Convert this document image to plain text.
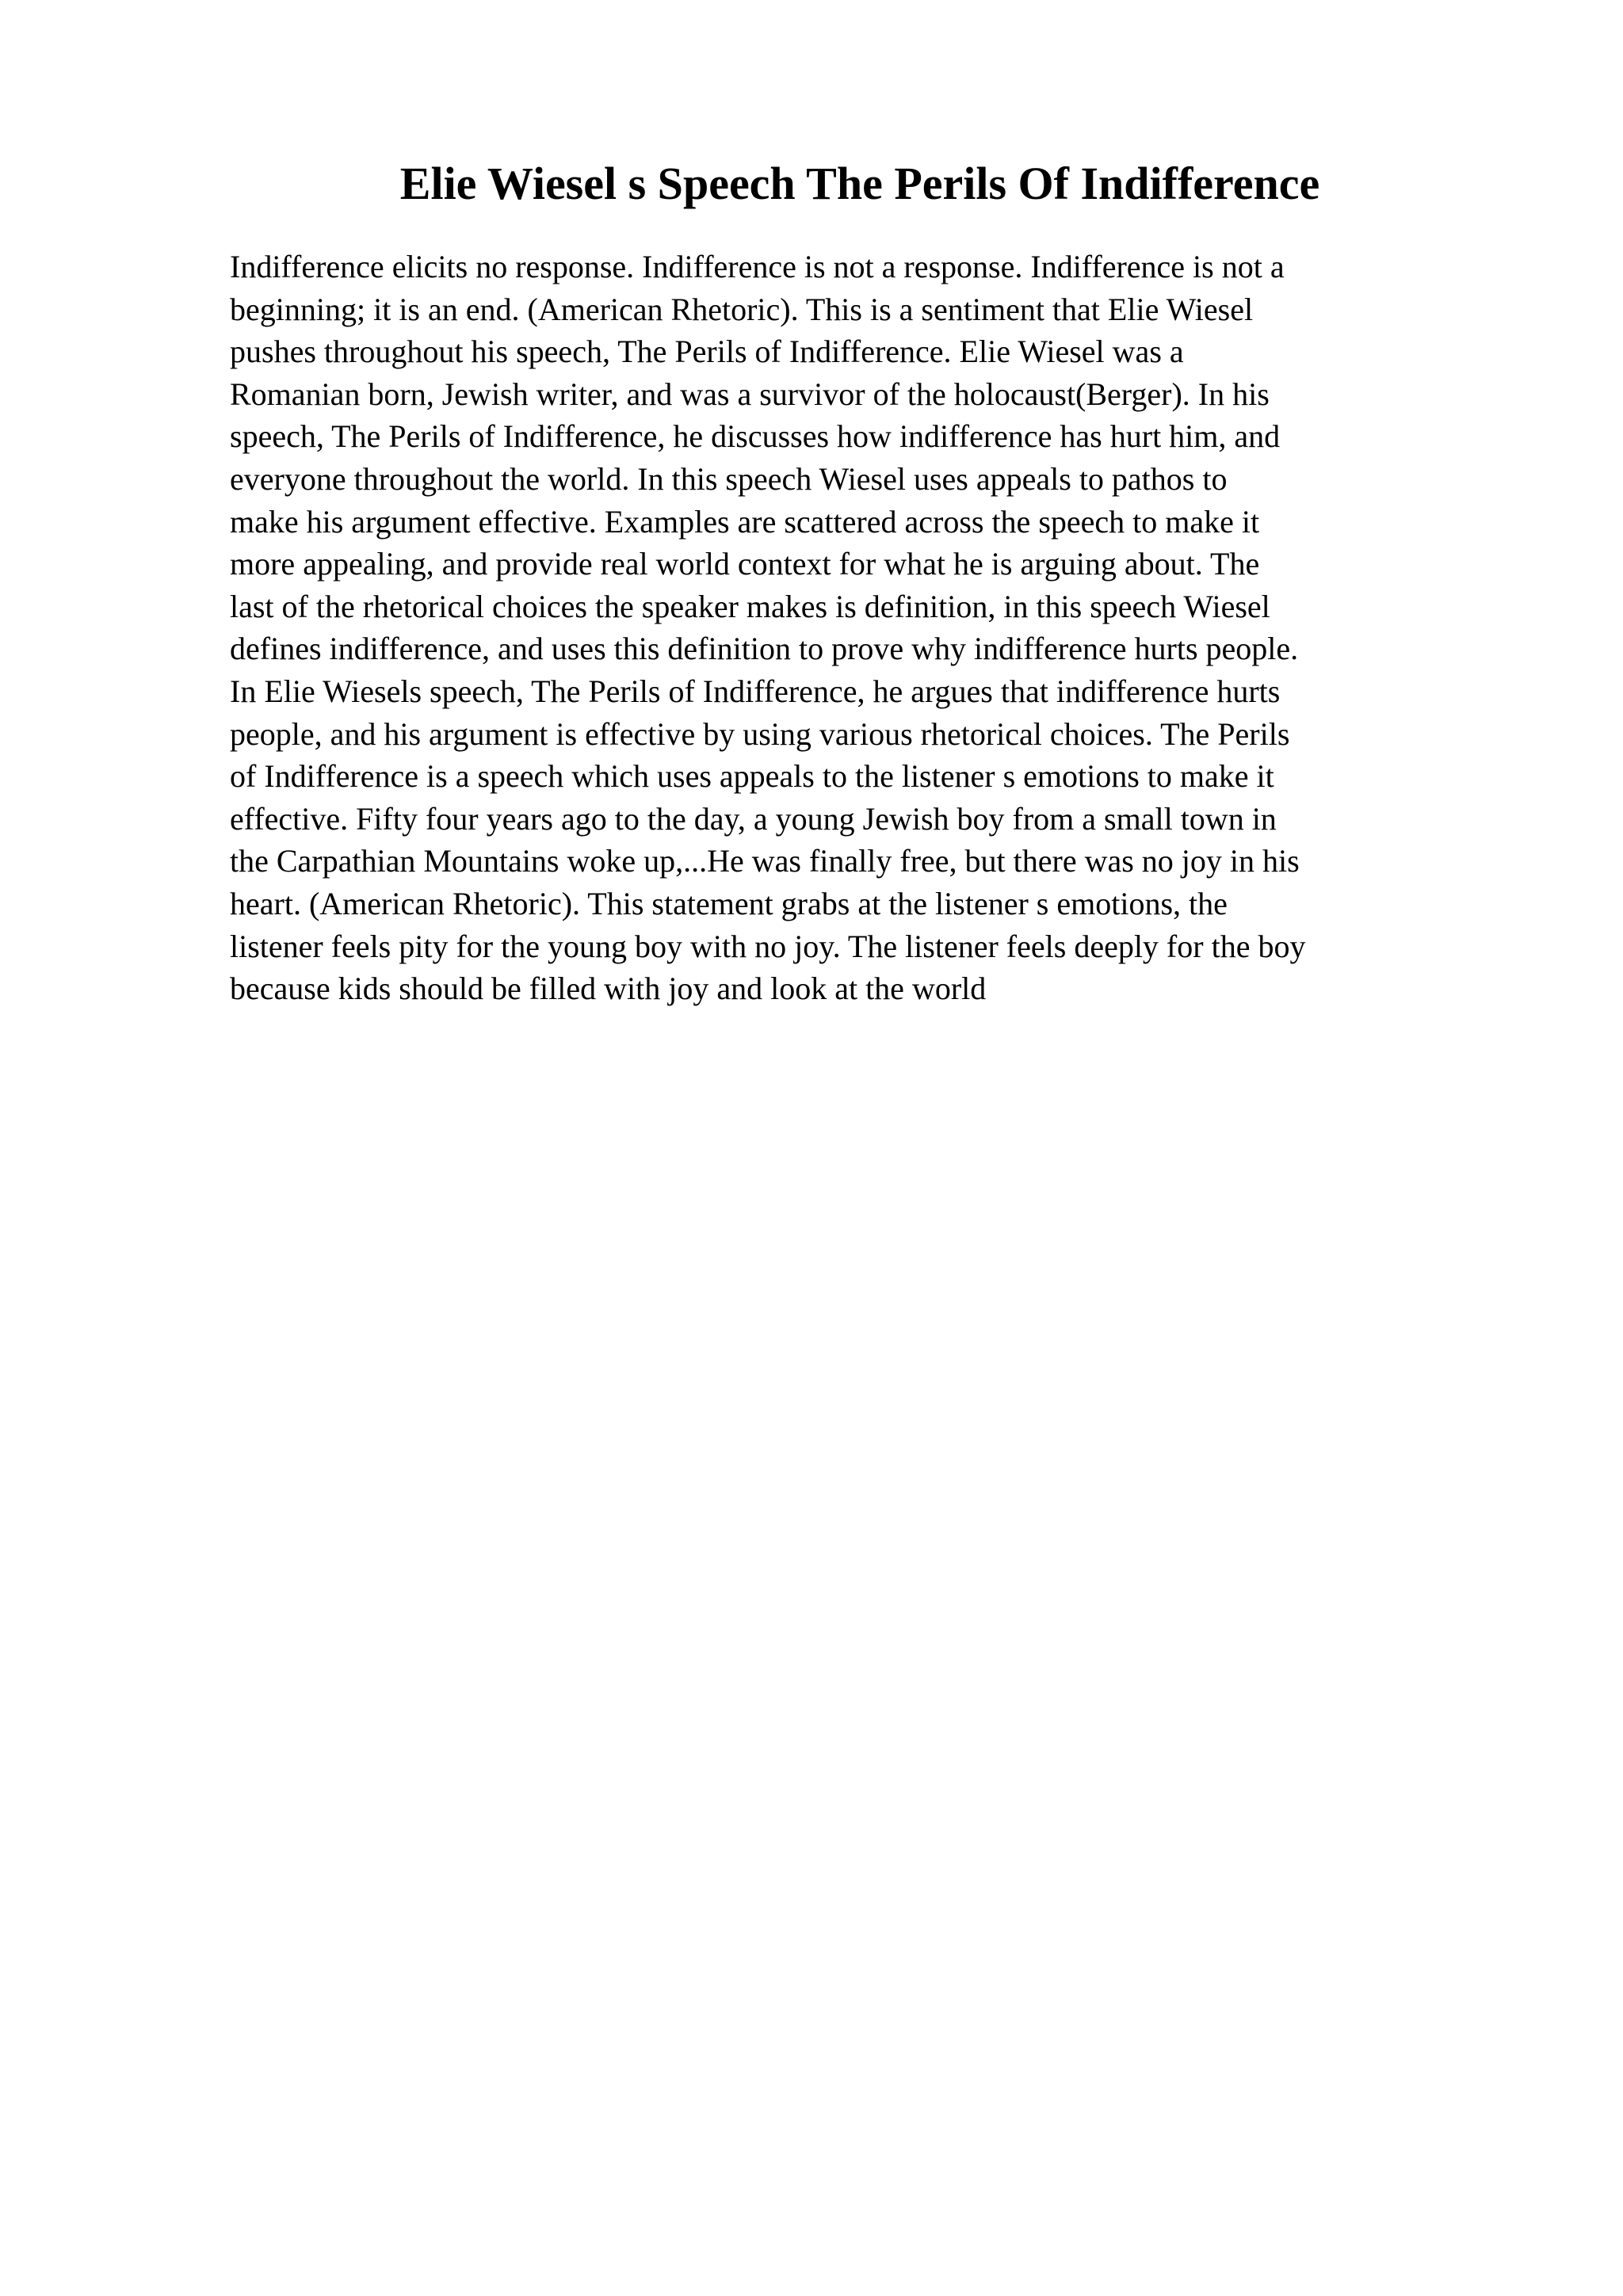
Elie Wiesel s Speech The Perils Of Indifference
Indifference elicits no response. Indifference is not a response. Indifference is not a
beginning; it is an end. (American Rhetoric). This is a sentiment that Elie Wiesel
pushes throughout his speech, The Perils of Indifference. Elie Wiesel was a
Romanian born, Jewish writer, and was a survivor of the holocaust(Berger). In his
speech, The Perils of Indifference, he discusses how indifference has hurt him, and
everyone throughout the world. In this speech Wiesel uses appeals to pathos to
make his argument effective. Examples are scattered across the speech to make it
more appealing, and provide real world context for what he is arguing about. The
last of the rhetorical choices the speaker makes is definition, in this speech Wiesel
defines indifference, and uses this definition to prove why indifference hurts people.
In Elie Wiesels speech, The Perils of Indifference, he argues that indifference hurts
people, and his argument is effective by using various rhetorical choices. The Perils
of Indifference is a speech which uses appeals to the listener s emotions to make it
effective. Fifty four years ago to the day, a young Jewish boy from a small town in
the Carpathian Mountains woke up,...He was finally free, but there was no joy in his
heart. (American Rhetoric). This statement grabs at the listener s emotions, the
listener feels pity for the young boy with no joy. The listener feels deeply for the boy
because kids should be filled with joy and look at the world
